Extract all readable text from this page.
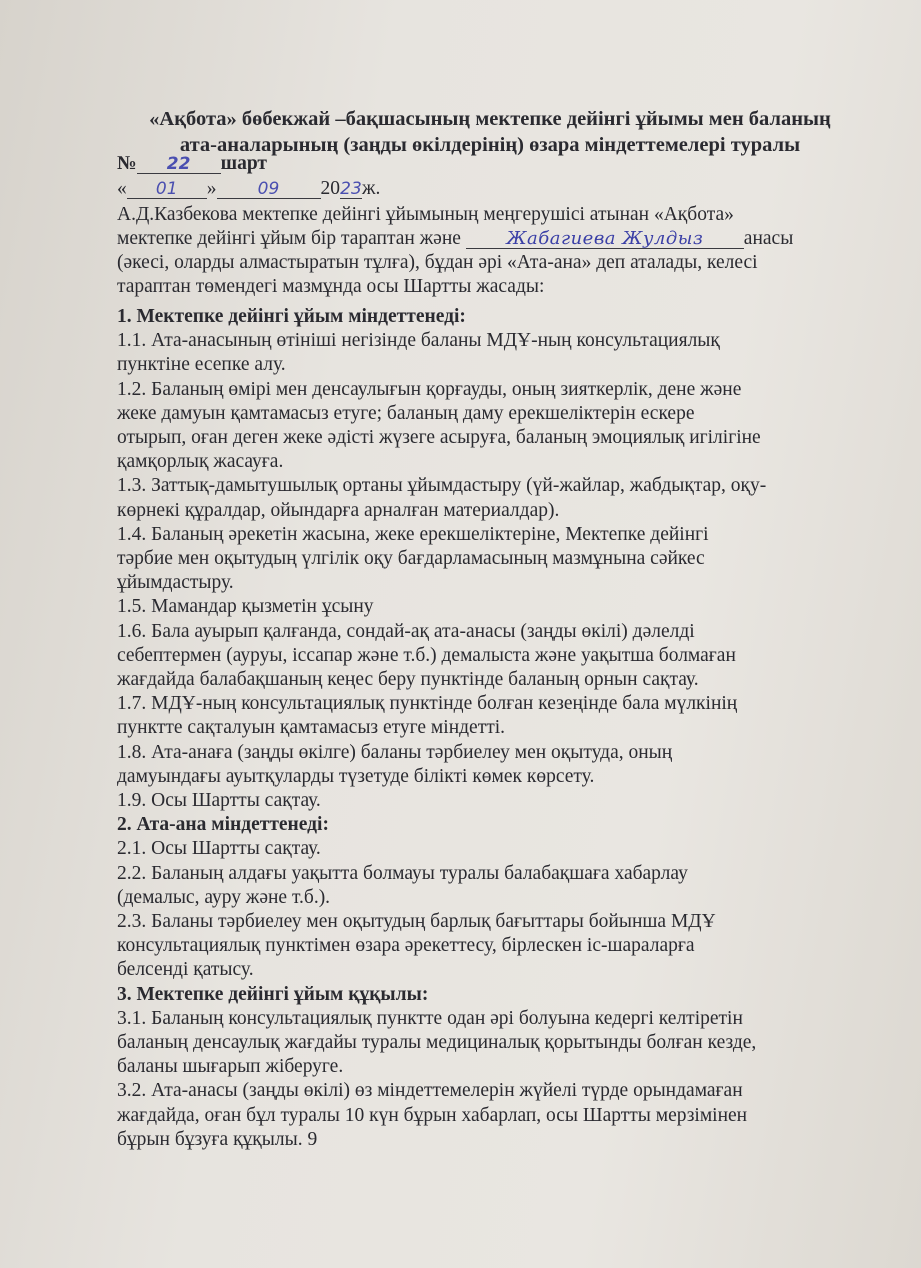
«Ақбота» бөбекжай –бақшасының мектепке дейінгі ұйымы мен баланың
ата-аналарының (заңды өкілдерінің) өзара міндеттемелері туралы
№ 22 шарт
« 01 » 09 2023ж.
А.Д.Казбекова мектепке дейінгі ұйымының меңгерушісі атынан «Ақбота»
мектепке дейінгі ұйым бір тараптан және	Жабагиева Жулдыз анасы
(әкесі, оларды алмастыратын тұлға), бұдан әрі «Ата-ана» деп аталады, келесі
тараптан төмендегі мазмұнда осы Шартты жасады:
1. Мектепке дейінгі ұйым міндеттенеді:
1.1. Ата-анасының өтініші негізінде баланы МДҰ-ның консультациялық
пунктіне есепке алу.
1.2. Баланың өмірі мен денсаулығын қорғауды, оның зияткерлік, дене және
жеке дамуын қамтамасыз етуге; баланың даму ерекшеліктерін ескере
отырып, оған деген жеке әдісті жүзеге асыруға, баланың эмоциялық игілігіне
қамқорлық жасауға.
1.3. Заттық-дамытушылық ортаны ұйымдастыру (үй-жайлар, жабдықтар, оқу-
көрнекі құралдар, ойындарға арналған материалдар).
1.4. Баланың әрекетін жасына, жеке ерекшеліктеріне, Мектепке дейінгі
тәрбие мен оқытудың үлгілік оқу бағдарламасының мазмұнына сәйкес
ұйымдастыру.
1.5. Мамандар қызметін ұсыну
1.6. Бала ауырып қалғанда, сондай-ақ ата-анасы (заңды өкілі) дәлелді
себептермен (ауруы, іссапар және т.б.) демалыста және уақытша болмаған
жағдайда балабақшаның кеңес беру пунктінде баланың орнын сақтау.
1.7. МДҰ-ның консультациялық пунктінде болған кезеңінде бала мүлкінің
пунктте сақталуын қамтамасыз етуге міндетті.
1.8. Ата-анаға (заңды өкілге) баланы тәрбиелеу мен оқытуда, оның
дамуындағы ауытқуларды түзетуде білікті көмек көрсету.
1.9. Осы Шартты сақтау.
2. Ата-ана міндеттенеді:
2.1. Осы Шартты сақтау.
2.2. Баланың алдағы уақытта болмауы туралы балабақшаға хабарлау
(демалыс, ауру және т.б.).
2.3. Баланы тәрбиелеу мен оқытудың барлық бағыттары бойынша МДҰ
консультациялық пунктімен өзара әрекеттесу, бірлескен іс-шараларға
белсенді қатысу.
3. Мектепке дейінгі ұйым құқылы:
3.1. Баланың консультациялық пунктте одан әрі болуына кедергі келтіретін
баланың денсаулық жағдайы туралы медициналық қорытынды болған кезде,
баланы шығарып жіберуге.
3.2. Ата-анасы (заңды өкілі) өз міндеттемелерін жүйелі түрде орындамаған
жағдайда, оған бұл туралы 10 күн бұрын хабарлап, осы Шартты мерзімінен
бұрын бұзуға құқылы. 9
